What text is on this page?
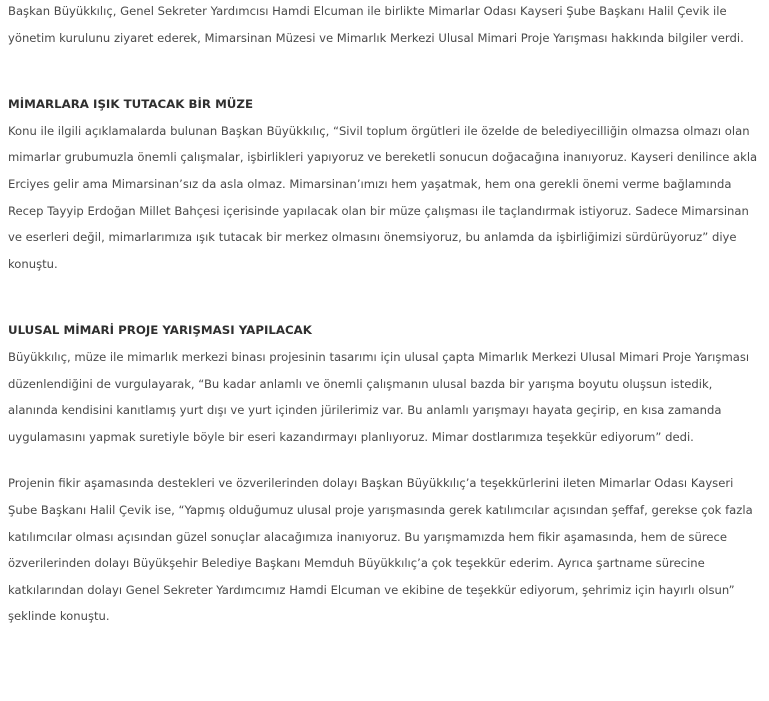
Başkan Büyükkılıç, Genel Sekreter Yardımcısı Hamdi Elcuman ile birlikte Mimarlar Odası Kayseri Şube Başkanı Halil Çevik ile yönetim kurulunu ziyaret ederek, Mimarsinan Müzesi ve Mimarlık Merkezi Ulusal Mimari Proje Yarışması hakkında bilgiler verdi.

MİMARLARA IŞIK TUTACAK BİR MÜZE

Konu ile ilgili açıklamalarda bulunan Başkan Büyükkılıç, “Sivil toplum örgütleri ile özelde de belediyecilliğin olmazsa olmazı olan mimarlar grubumuzla önemli çalışmalar, işbirlikleri yapıyoruz ve bereketli sonucun doğacağına inanıyoruz. Kayseri denilince akla Erciyes gelir ama Mimarsinan’sız da asla olmaz. Mimarsinan’ımızı hem yaşatmak, hem ona gerekli önemi verme bağlamında Recep Tayyip Erdoğan Millet Bahçesi içerisinde yapılacak olan bir müze çalışması ile taçlandırmak istiyoruz. Sadece Mimarsinan ve eserleri değil, mimarlarımıza ışık tutacak bir merkez olmasını önemsiyoruz, bu anlamda da işbirliğimizi sürdürüyoruz” diye konuştu.

ULUSAL MİMARİ PROJE YARIŞMASI YAPILACAK

Büyükkılıç, müze ile mimarlık merkezi binası projesinin tasarımı için ulusal çapta Mimarlık Merkezi Ulusal Mimari Proje Yarışması düzenlendiğini de vurgulayarak, “Bu kadar anlamlı ve önemli çalışmanın ulusal bazda bir yarışma boyutu oluşsun istedik, alanında kendisini kanıtlamış yurt dışı ve yurt içinden jürilerimiz var. Bu anlamlı yarışmayı hayata geçirip, en kısa zamanda uygulamasını yapmak suretiyle böyle bir eseri kazandırmayı planlıyoruz. Mimar dostlarımıza teşekkür ediyorum” dedi.

Projenin fikir aşamasında destekleri ve özverilerinden dolayı Başkan Büyükkılıç’a teşekkürlerini ileten Mimarlar Odası Kayseri Şube Başkanı Halil Çevik ise, “Yapmış olduğumuz ulusal proje yarışmasında gerek katılımcılar açısından şeffaf, gerekse çok fazla katılımcılar olması açısından güzel sonuçlar alacağımıza inanıyoruz. Bu yarışmamızda hem fikir aşamasında, hem de sürece özverilerinden dolayı Büyükşehir Belediye Başkanı Memduh Büyükkılıç’a çok teşekkür ederim. Ayrıca şartname sürecine katkılarından dolayı Genel Sekreter Yardımcımız Hamdi Elcuman ve ekibine de teşekkür ediyorum, şehrimiz için hayırlı olsun” şeklinde konuştu.
